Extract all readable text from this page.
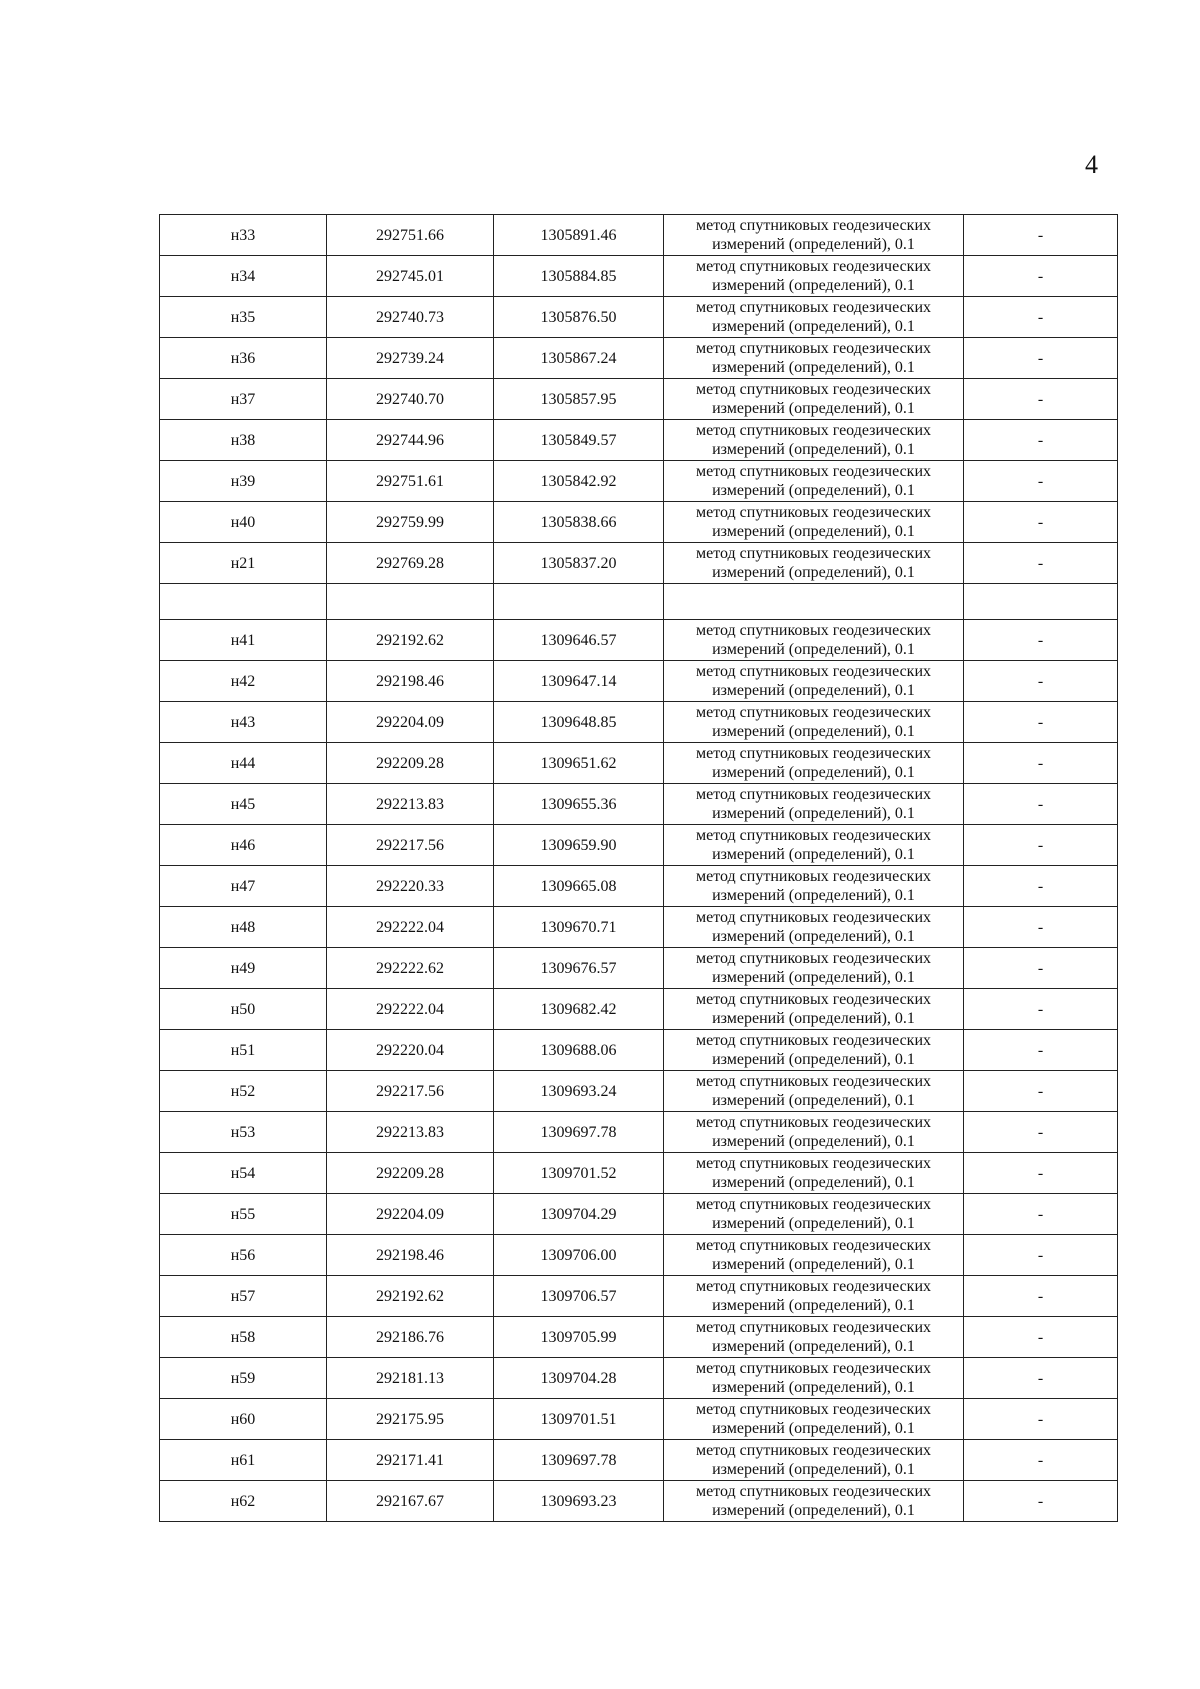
4
н33	292751.66	1305891.46	метод спутниковых геодезических
измерений (определений), 0.1	-
н34	292745.01	1305884.85	метод спутниковых геодезических
измерений (определений), 0.1	-
н35	292740.73	1305876.50	метод спутниковых геодезических
измерений (определений), 0.1	-
н36	292739.24	1305867.24	метод спутниковых геодезических
измерений (определений), 0.1	-
н37	292740.70	1305857.95	метод спутниковых геодезических
измерений (определений), 0.1	-
н38	292744.96	1305849.57	метод спутниковых геодезических
измерений (определений), 0.1	-
н39	292751.61	1305842.92	метод спутниковых геодезических
измерений (определений), 0.1	-
н40	292759.99	1305838.66	метод спутниковых геодезических
измерений (определений), 0.1	-
н21	292769.28	1305837.20	метод спутниковых геодезических
измерений (определений), 0.1	-

н41	292192.62	1309646.57	метод спутниковых геодезических
измерений (определений), 0.1	-
н42	292198.46	1309647.14	метод спутниковых геодезических
измерений (определений), 0.1	-
н43	292204.09	1309648.85	метод спутниковых геодезических
измерений (определений), 0.1	-
н44	292209.28	1309651.62	метод спутниковых геодезических
измерений (определений), 0.1	-
н45	292213.83	1309655.36	метод спутниковых геодезических
измерений (определений), 0.1	-
н46	292217.56	1309659.90	метод спутниковых геодезических
измерений (определений), 0.1	-
н47	292220.33	1309665.08	метод спутниковых геодезических
измерений (определений), 0.1	-
н48	292222.04	1309670.71	метод спутниковых геодезических
измерений (определений), 0.1	-
н49	292222.62	1309676.57	метод спутниковых геодезических
измерений (определений), 0.1	-
н50	292222.04	1309682.42	метод спутниковых геодезических
измерений (определений), 0.1	-
н51	292220.04	1309688.06	метод спутниковых геодезических
измерений (определений), 0.1	-
н52	292217.56	1309693.24	метод спутниковых геодезических
измерений (определений), 0.1	-
н53	292213.83	1309697.78	метод спутниковых геодезических
измерений (определений), 0.1	-
н54	292209.28	1309701.52	метод спутниковых геодезических
измерений (определений), 0.1	-
н55	292204.09	1309704.29	метод спутниковых геодезических
измерений (определений), 0.1	-
н56	292198.46	1309706.00	метод спутниковых геодезических
измерений (определений), 0.1	-
н57	292192.62	1309706.57	метод спутниковых геодезических
измерений (определений), 0.1	-
н58	292186.76	1309705.99	метод спутниковых геодезических
измерений (определений), 0.1	-
н59	292181.13	1309704.28	метод спутниковых геодезических
измерений (определений), 0.1	-
н60	292175.95	1309701.51	метод спутниковых геодезических
измерений (определений), 0.1	-
н61	292171.41	1309697.78	метод спутниковых геодезических
измерений (определений), 0.1	-
н62	292167.67	1309693.23	метод спутниковых геодезических
измерений (определений), 0.1	-
